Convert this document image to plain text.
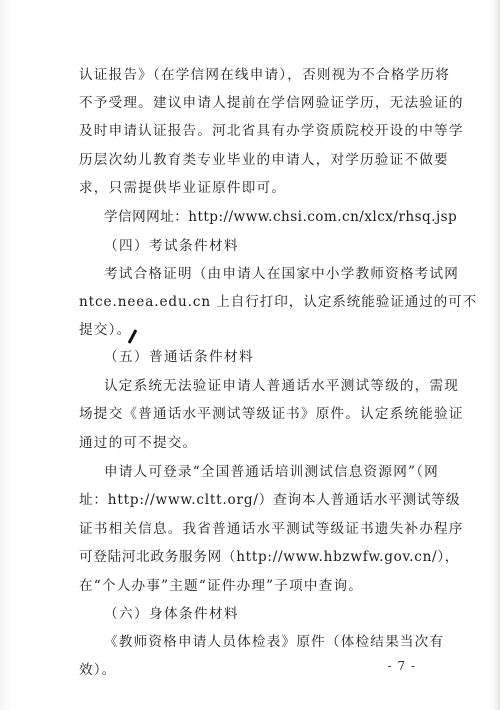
认证报告》（在学信网在线申请），否则视为不合格学历将
不予受理。建议申请人提前在学信网验证学历，无法验证的
及时申请认证报告。河北省具有办学资质院校开设的中等学
历层次幼儿教育类专业毕业的申请人，对学历验证不做要
求，只需提供毕业证原件即可。
学信网网址：http://www.chsi.com.cn/xlcx/rhsq.jsp
（四）考试条件材料
考试合格证明（由申请人在国家中小学教师资格考试网
ntce.neea.edu.cn 上自行打印，认定系统能验证通过的可不
提交）。
（五）普通话条件材料
认定系统无法验证申请人普通话水平测试等级的，需现
场提交《普通话水平测试等级证书》原件。认定系统能验证
通过的可不提交。
申请人可登录“全国普通话培训测试信息资源网”（网
址：http://www.cltt.org/）查询本人普通话水平测试等级
证书相关信息。我省普通话水平测试等级证书遗失补办程序
可登陆河北政务服务网（http://www.hbzwfw.gov.cn/），
在“个人办事”主题“证件办理”子项中查询。
（六）身体条件材料
《教师资格申请人员体检表》原件（体检结果当次有
效）。	- 7 -
